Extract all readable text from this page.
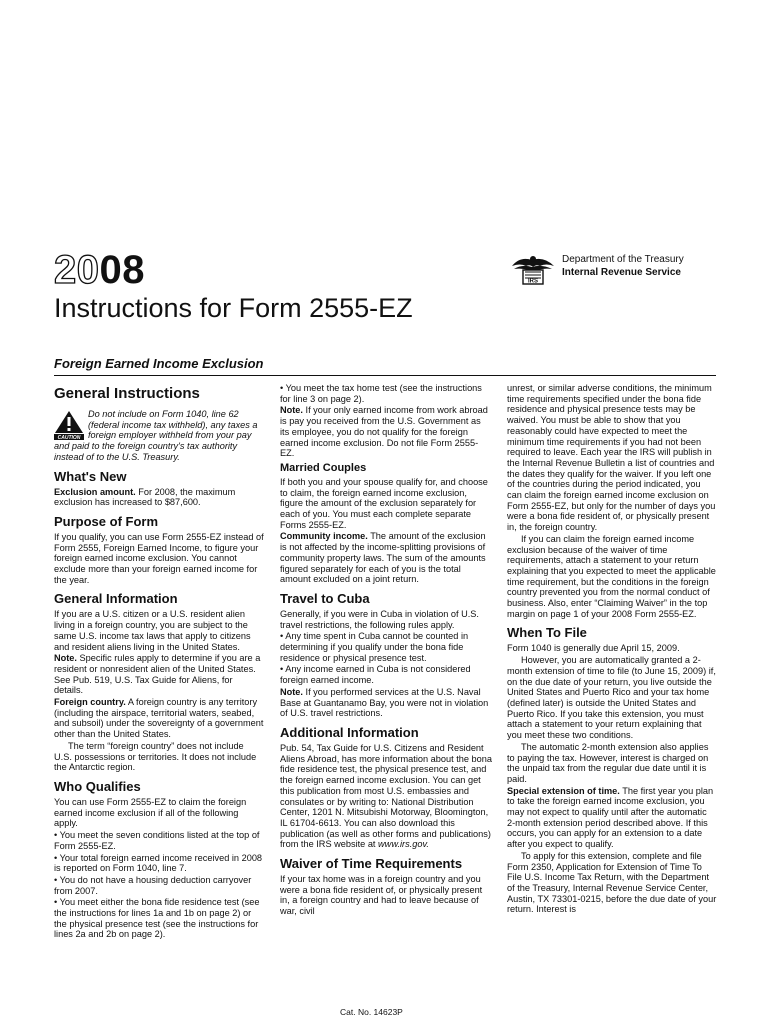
2008	IRS
Department of the Treasury
Internal Revenue Service
Instructions for Form 2555-EZ
Foreign Earned Income Exclusion
General Instructions
CAUTION

Do not include on Form 1040, line 62 (federal income tax withheld), any taxes a foreign employer withheld from your pay and paid to the foreign country's tax authority instead of to the U.S. Treasury.

What's New

Exclusion amount. For 2008, the maximum exclusion has increased to $87,600.

Purpose of Form

If you qualify, you can use Form 2555-EZ instead of Form 2555, Foreign Earned Income, to figure your foreign earned income exclusion. You cannot exclude more than your foreign earned income for the year.

General Information

If you are a U.S. citizen or a U.S. resident alien living in a foreign country, you are subject to the same U.S. income tax laws that apply to citizens and resident aliens living in the United States.

Note. Specific rules apply to determine if you are a resident or nonresident alien of the United States. See Pub. 519, U.S. Tax Guide for Aliens, for details.

Foreign country. A foreign country is any territory (including the airspace, territorial waters, seabed, and subsoil) under the sovereignty of a government other than the United States.

The term “foreign country” does not include U.S. possessions or territories. It does not include the Antarctic region.

Who Qualifies

You can use Form 2555-EZ to claim the foreign earned income exclusion if all of the following apply.

• You meet the seven conditions listed at the top of Form 2555-EZ.

• Your total foreign earned income received in 2008 is reported on Form 1040, line 7.

• You do not have a housing deduction carryover from 2007.

• You meet either the bona fide residence test (see the instructions for lines 1a and 1b on page 2) or the physical presence test (see the instructions for lines 2a and 2b on page 2).

• You meet the tax home test (see the instructions for line 3 on page 2).

Note. If your only earned income from work abroad is pay you received from the U.S. Government as its employee, you do not qualify for the foreign earned income exclusion. Do not file Form 2555-EZ.

Married Couples

If both you and your spouse qualify for, and choose to claim, the foreign earned income exclusion, figure the amount of the exclusion separately for each of you. You must each complete separate Forms 2555-EZ.

Community income. The amount of the exclusion is not affected by the income-splitting provisions of community property laws. The sum of the amounts figured separately for each of you is the total amount excluded on a joint return.

Travel to Cuba

Generally, if you were in Cuba in violation of U.S. travel restrictions, the following rules apply.

• Any time spent in Cuba cannot be counted in determining if you qualify under the bona fide residence or physical presence test.

• Any income earned in Cuba is not considered foreign earned income.

Note. If you performed services at the U.S. Naval Base at Guantanamo Bay, you were not in violation of U.S. travel restrictions.

Additional Information

Pub. 54, Tax Guide for U.S. Citizens and Resident Aliens Abroad, has more information about the bona fide residence test, the physical presence test, and the foreign earned income exclusion. You can get this publication from most U.S. embassies and consulates or by writing to: National Distribution Center, 1201 N. Mitsubishi Motorway, Bloomington, IL 61704-6613. You can also download this publication (as well as other forms and publications) from the IRS website at www.irs.gov.

Waiver of Time Requirements

If your tax home was in a foreign country and you were a bona fide resident of, or physically present in, a foreign country and had to leave because of war, civil

unrest, or similar adverse conditions, the minimum time requirements specified under the bona fide residence and physical presence tests may be waived. You must be able to show that you reasonably could have expected to meet the minimum time requirements if you had not been required to leave. Each year the IRS will publish in the Internal Revenue Bulletin a list of countries and the dates they qualify for the waiver. If you left one of the countries during the period indicated, you can claim the foreign earned income exclusion on Form 2555-EZ, but only for the number of days you were a bona fide resident of, or physically present in, the foreign country.

If you can claim the foreign earned income exclusion because of the waiver of time requirements, attach a statement to your return explaining that you expected to meet the applicable time requirement, but the conditions in the foreign country prevented you from the normal conduct of business. Also, enter “Claiming Waiver” in the top margin on page 1 of your 2008 Form 2555-EZ.

When To File

Form 1040 is generally due April 15, 2009.

However, you are automatically granted a 2-month extension of time to file (to June 15, 2009) if, on the due date of your return, you live outside the United States and Puerto Rico and your tax home (defined later) is outside the United States and Puerto Rico. If you take this extension, you must attach a statement to your return explaining that you meet these two conditions.

The automatic 2-month extension also applies to paying the tax. However, interest is charged on the unpaid tax from the regular due date until it is paid.

Special extension of time. The first year you plan to take the foreign earned income exclusion, you may not expect to qualify until after the automatic 2-month extension period described above. If this occurs, you can apply for an extension to a date after you expect to qualify.

To apply for this extension, complete and file Form 2350, Application for Extension of Time To File U.S. Income Tax Return, with the Department of the Treasury, Internal Revenue Service Center, Austin, TX 73301-0215, before the due date of your return. Interest is

Cat. No. 14623P
